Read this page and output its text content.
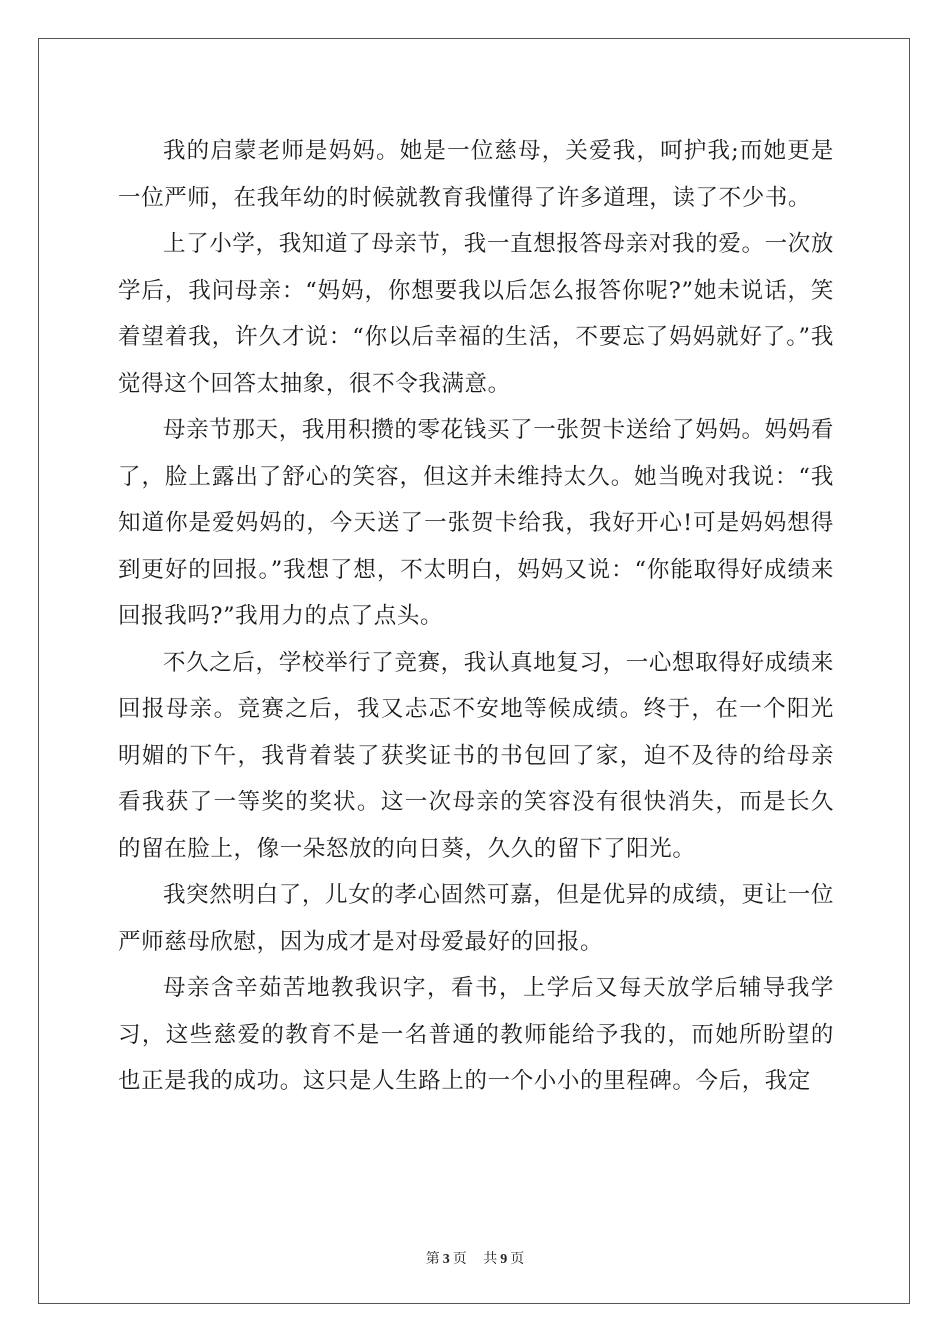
我的启蒙老师是妈妈。她是一位慈母，关爱我，呵护我;而她更是一位严师，在我年幼的时候就教育我懂得了许多道理，读了不少书。

上了小学，我知道了母亲节，我一直想报答母亲对我的爱。一次放学后，我问母亲：“妈妈，你想要我以后怎么报答你呢?”她未说话，笑着望着我，许久才说：“你以后幸福的生活，不要忘了妈妈就好了。”我觉得这个回答太抽象，很不令我满意。

母亲节那天，我用积攒的零花钱买了一张贺卡送给了妈妈。妈妈看了，脸上露出了舒心的笑容，但这并未维持太久。她当晚对我说：“我知道你是爱妈妈的，今天送了一张贺卡给我，我好开心!可是妈妈想得到更好的回报。”我想了想，不太明白，妈妈又说：“你能取得好成绩来回报我吗?”我用力的点了点头。

不久之后，学校举行了竞赛，我认真地复习，一心想取得好成绩来回报母亲。竞赛之后，我又忐忑不安地等候成绩。终于，在一个阳光明媚的下午，我背着装了获奖证书的书包回了家，迫不及待的给母亲看我获了一等奖的奖状。这一次母亲的笑容没有很快消失，而是长久的留在脸上，像一朵怒放的向日葵，久久的留下了阳光。

我突然明白了，儿女的孝心固然可嘉，但是优异的成绩，更让一位严师慈母欣慰，因为成才是对母爱最好的回报。

母亲含辛茹苦地教我识字，看书，上学后又每天放学后辅导我学习，这些慈爱的教育不是一名普通的教师能给予我的，而她所盼望的也正是我的成功。这只是人生路上的一个小小的里程碑。今后，我定

第 3 页 共 9 页
